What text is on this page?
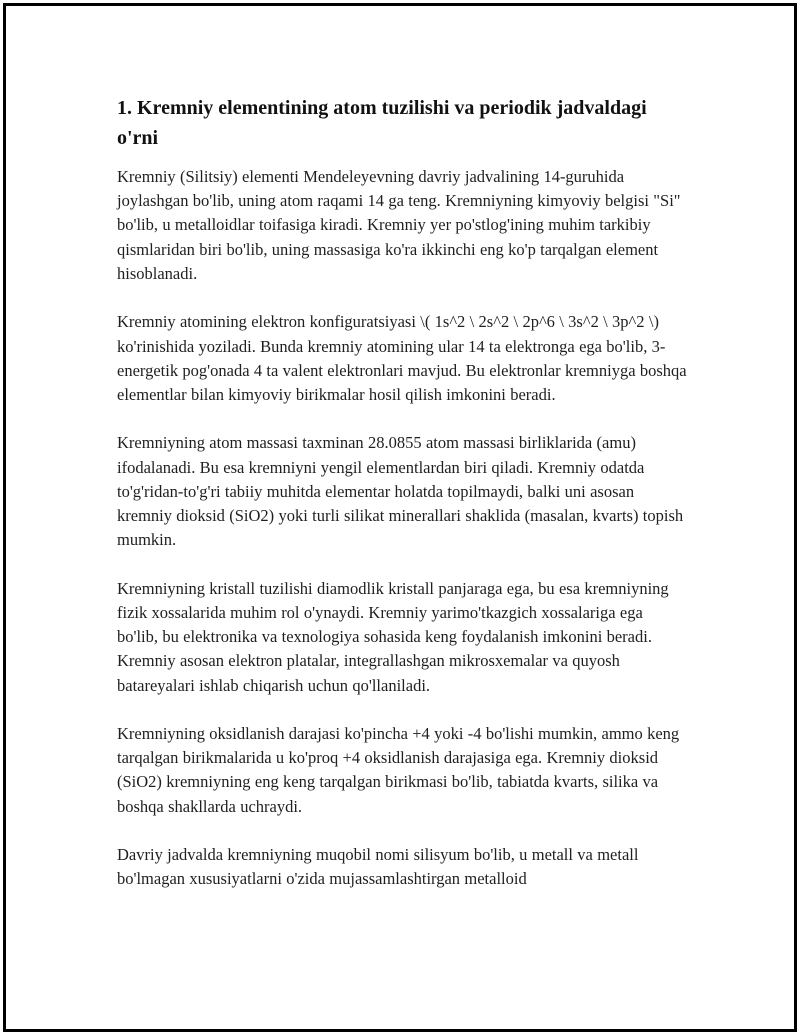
1. Kremniy elementining atom tuzilishi va periodik jadvaldagi o'rni

Kremniy (Silitsiy) elementi Mendeleyevning davriy jadvalining 14-guruhida joylashgan bo'lib, uning atom raqami 14 ga teng. Kremniyning kimyoviy belgisi "Si" bo'lib, u metalloidlar toifasiga kiradi. Kremniy yer po'stlog'ining muhim tarkibiy qismlaridan biri bo'lib, uning massasiga ko'ra ikkinchi eng ko'p tarqalgan element hisoblanadi.

Kremniy atomining elektron konfiguratsiyasi \( 1s^2 \ 2s^2 \ 2p^6 \ 3s^2 \ 3p^2 \) ko'rinishida yoziladi. Bunda kremniy atomining ular 14 ta elektronga ega bo'lib, 3-energetik pog'onada 4 ta valent elektronlari mavjud. Bu elektronlar kremniyga boshqa elementlar bilan kimyoviy birikmalar hosil qilish imkonini beradi.

Kremniyning atom massasi taxminan 28.0855 atom massasi birliklarida (amu) ifodalanadi. Bu esa kremniyni yengil elementlardan biri qiladi. Kremniy odatda to'g'ridan-to'g'ri tabiiy muhitda elementar holatda topilmaydi, balki uni asosan kremniy dioksid (SiO2) yoki turli silikat minerallari shaklida (masalan, kvarts) topish mumkin.

Kremniyning kristall tuzilishi diamodlik kristall panjaraga ega, bu esa kremniyning fizik xossalarida muhim rol o'ynaydi. Kremniy yarimo'tkazgich xossalariga ega bo'lib, bu elektronika va texnologiya sohasida keng foydalanish imkonini beradi. Kremniy asosan elektron platalar, integrallashgan mikrosxemalar va quyosh batareyalari ishlab chiqarish uchun qo'llaniladi.

Kremniyning oksidlanish darajasi ko'pincha +4 yoki -4 bo'lishi mumkin, ammo keng tarqalgan birikmalarida u ko'proq +4 oksidlanish darajasiga ega. Kremniy dioksid (SiO2) kremniyning eng keng tarqalgan birikmasi bo'lib, tabiatda kvarts, silika va boshqa shakllarda uchraydi.

Davriy jadvalda kremniyning muqobil nomi silisyum bo'lib, u metall va metall bo'lmagan xususiyatlarni o'zida mujassamlashtirgan metalloid
